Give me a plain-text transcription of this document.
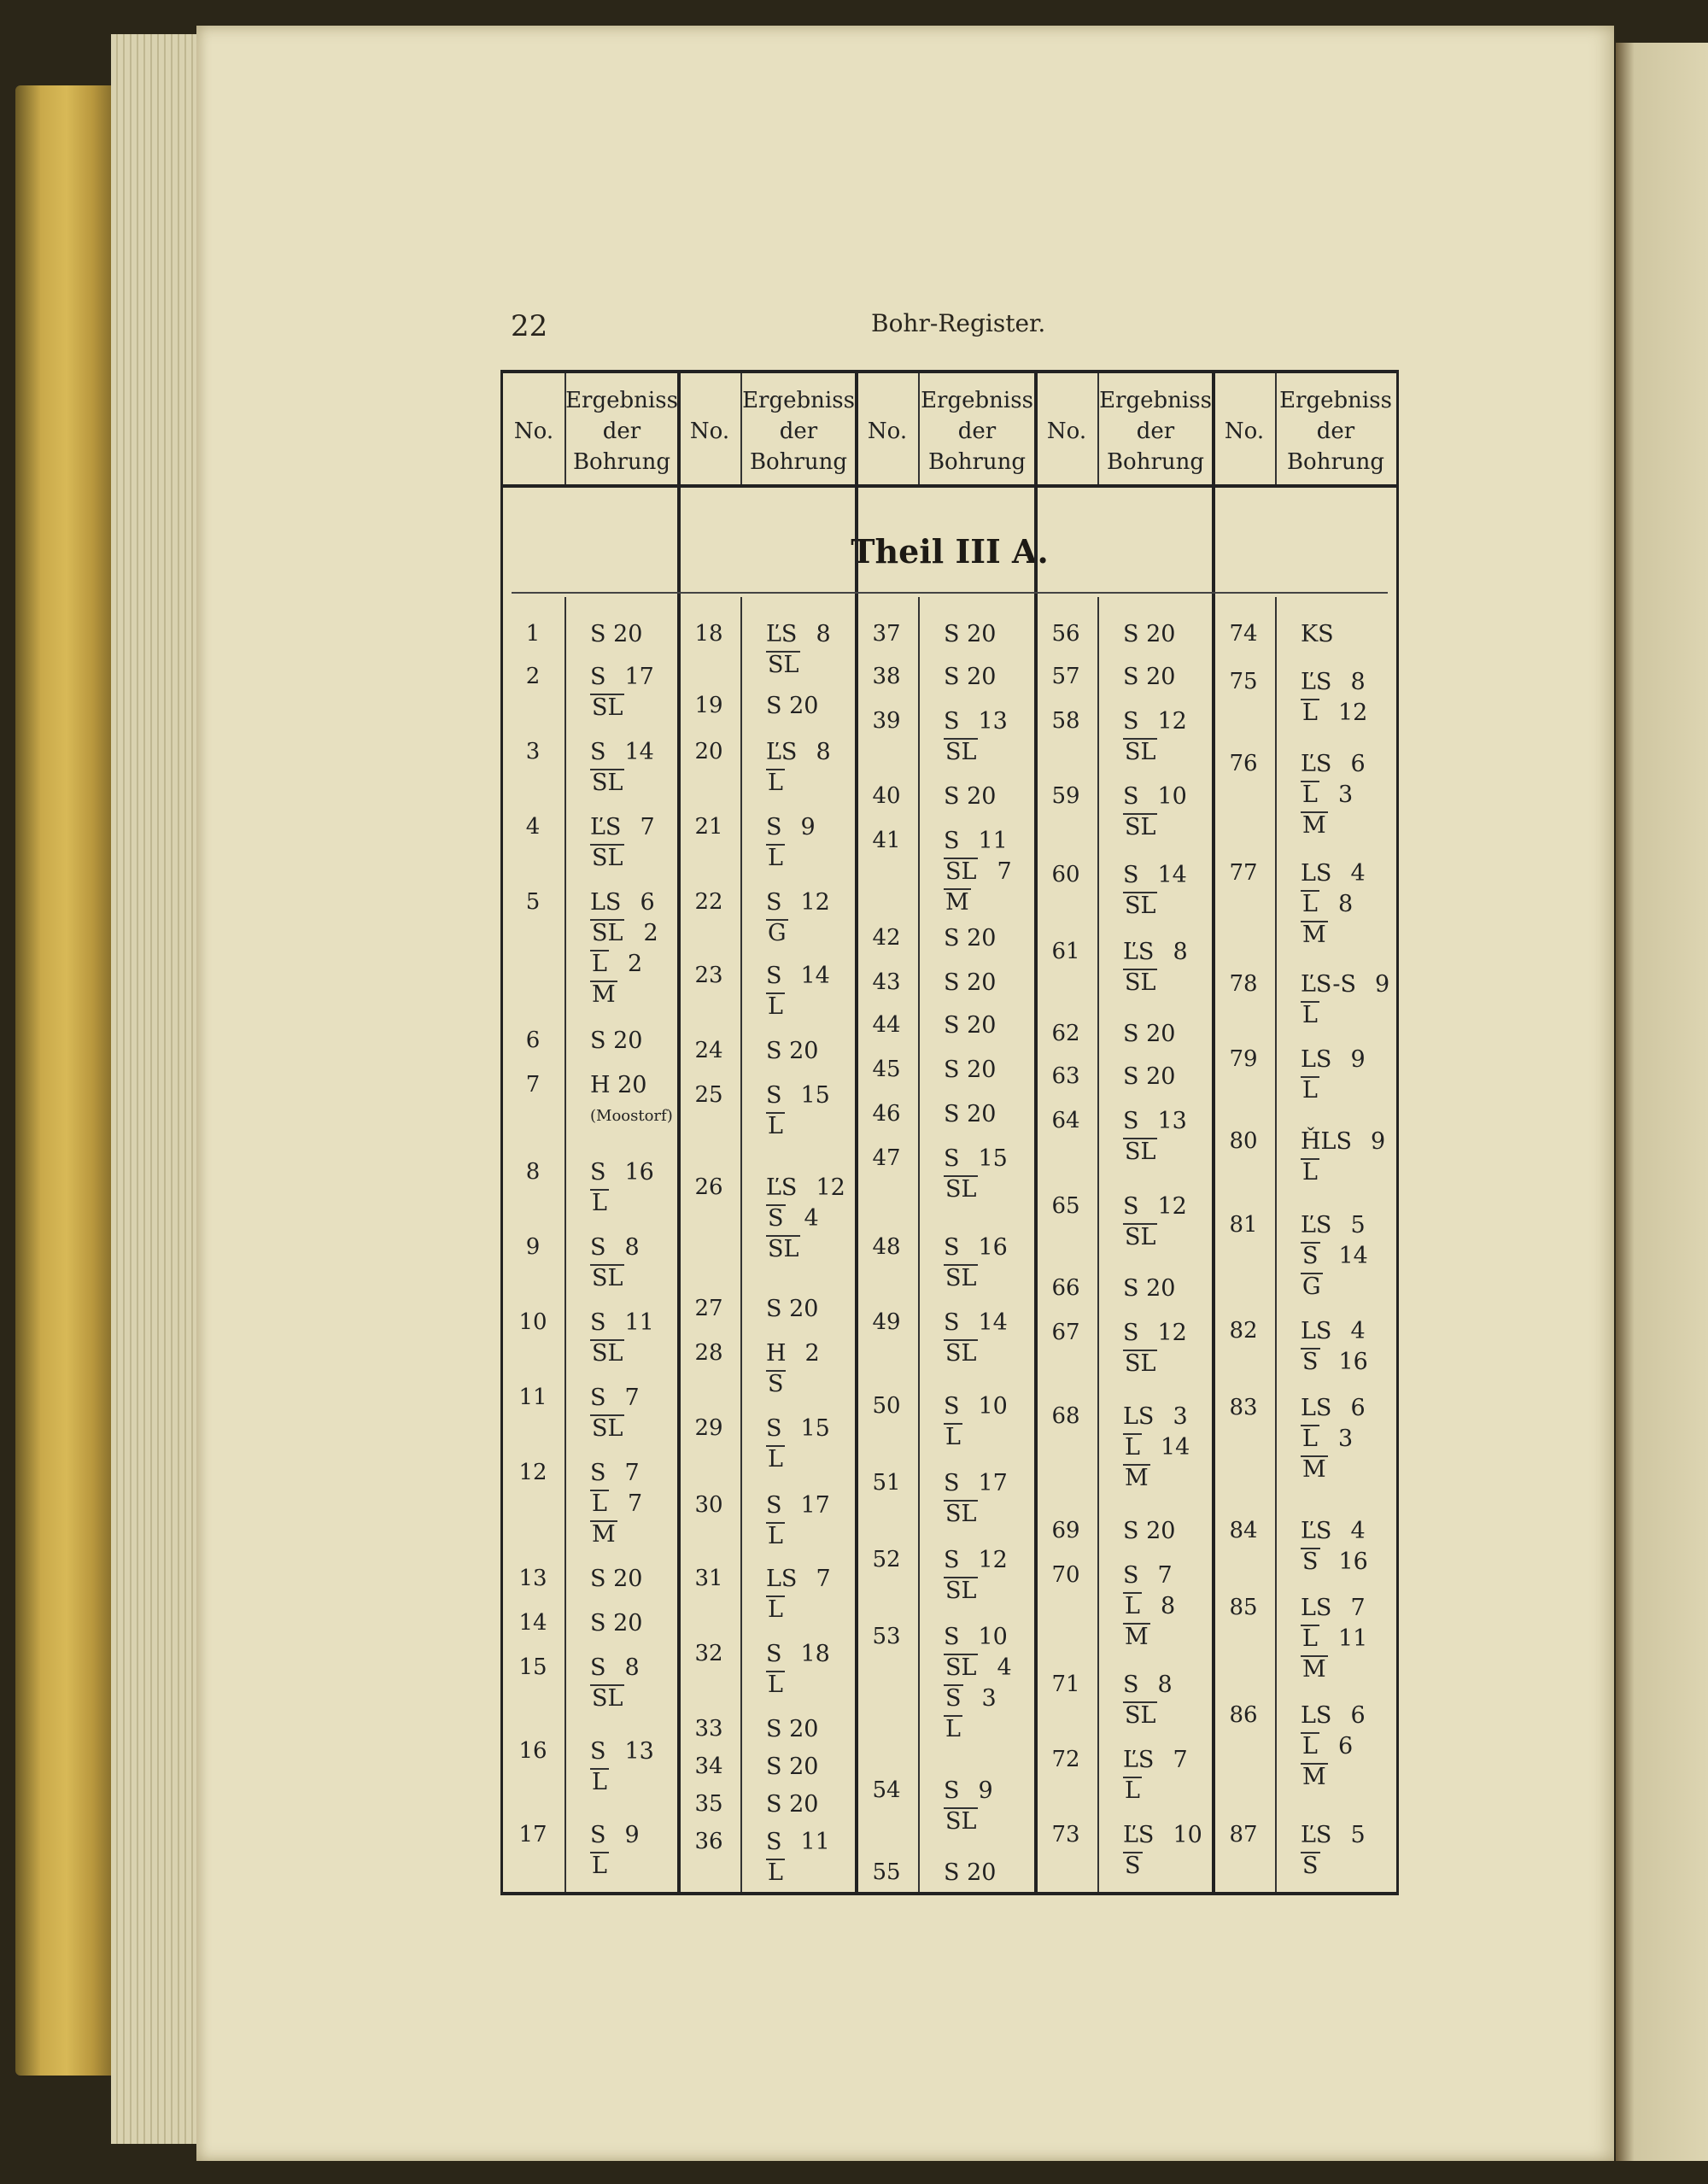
22	Bohr-Register.
Theil III A.
No.
Ergebniss
der
Bohrung
No.
Ergebniss
der
Bohrung
No.
Ergebniss
der
Bohrung
No.
Ergebniss
der
Bohrung
No.
Ergebniss
der
Bohrung
1
2
3
4
5
6
7
8
9
10
11
12
13
14
15
16
17
S 20
S 17
SL
S 14
SL
ĽS 7
SL
LS 6
SL 2
L 2
M
S 20
H 20
(Moostorf)
S 16
L
S 8
SL
S 11
SL
S 7
SL
S 7
L 7
M
S 20
S 20
S 8
SL
S 13
L
S 9
L
18
19
20
21
22
23
24
25
26
27
28
29
30
31
32
33
34
35
36
ĽS 8
SL
S 20
ĽS 8
L
S 9
L
S 12
G
S 14
L
S 20
S 15
L
ĽS 12
S 4
SL
S 20
H 2
S
S 15
L
S 17
L
LS 7
L
S 18
L
S 20
S 20
S 20
S 11
L
37
38
39
40
41
42
43
44
45
46
47
48
49
50
51
52
53
54
55
S 20
S 20
S 13
SL
S 20
S 11
SL 7
M
S 20
S 20
S 20
S 20
S 20
S 15
SL
S 16
SL
S 14
SL
S 10
L
S 17
SL
S 12
SL
S 10
SL 4
S 3
L
S 9
SL
S 20
56
57
58
59
60
61
62
63
64
65
66
67
68
69
70
71
72
73
S 20
S 20
S 12
SL
S 10
SL
S 14
SL
ĽS 8
SL
S 20
S 20
S 13
SL
S 12
SL
S 20
S 12
SL
LS 3
L 14
M
S 20
S 7
L 8
M
S 8
SL
ĽS 7
L
ĽS 10
S
74
75
76
77
78
79
80
81
82
83
84
85
86
87
KS
ĽS 8
L 12
ĽS 6
L 3
M
LS 4
L 8
M
ĽS-S 9
L
LS 9
L
ȞLS 9
L
ĽS 5
S 14
G
LS 4
S 16
LS 6
L 3
M
ĽS 4
S 16
LS 7
L 11
M
LS 6
L 6
M
ĽS 5
S
